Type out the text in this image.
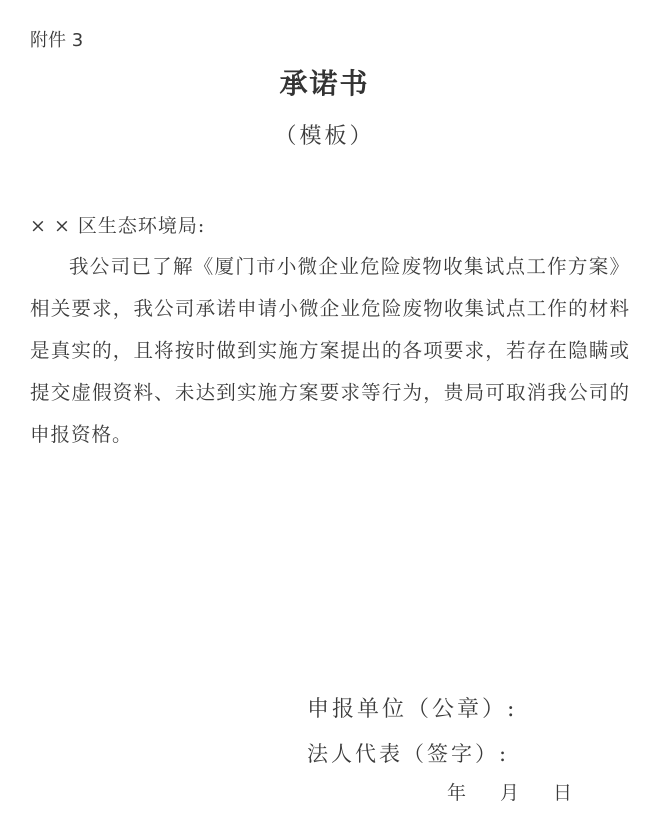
附件 3
承诺书
（模板）
× × 区生态环境局:

我公司已了解《厦门市小微企业危险废物收集试点工作方案》相关要求，我公司承诺申请小微企业危险废物收集试点工作的材料是真实的，且将按时做到实施方案提出的各项要求，若存在隐瞒或提交虚假资料、未达到实施方案要求等行为，贵局可取消我公司的申报资格。

申报单位（公章）:
法人代表（签字）:
年 月 日
